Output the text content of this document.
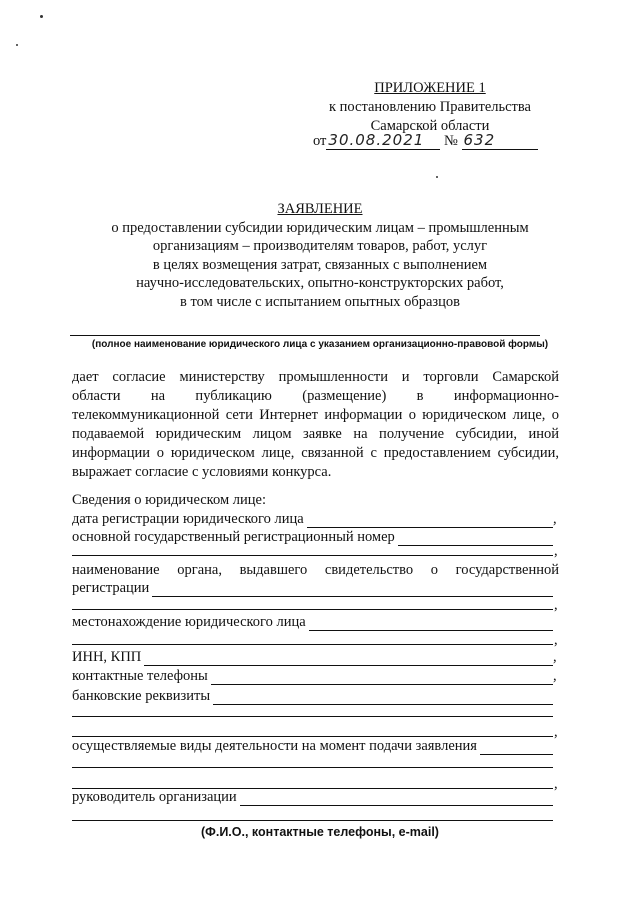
ПРИЛОЖЕНИЕ 1
к постановлению Правительства
Самарской области
от 30.08.2021 № 632
ЗАЯВЛЕНИЕ
о предоставлении субсидии юридическим лицам – промышленным
организациям – производителям товаров, работ, услуг
в целях возмещения затрат, связанных с выполнением
научно-исследовательских, опытно-конструкторских работ,
в том числе с испытанием опытных образцов
(полное наименование юридического лица с указанием организационно-правовой формы)
дает согласие министерству промышленности и торговли Самарской
области на публикацию (размещение) в информационно-телекоммуникационной сети Интернет информации о юридическом лице, о подаваемой юридическим лицом заявке на получение субсидии, иной информации о юридическом лице, связанной с предоставлением субсидии, выражает согласие с условиями конкурса.
Сведения о юридическом лице:
дата регистрации юридического лица	,
основной государственный регистрационный номер
,
наименование органа, выдавшего свидетельство о государственной
регистрации
,
местонахождение юридического лица
,
ИНН, КПП	,
контактные телефоны	,
банковские реквизиты
,
осуществляемые виды деятельности на момент подачи заявления
,
руководитель организации
(Ф.И.О., контактные телефоны, e-mail)
